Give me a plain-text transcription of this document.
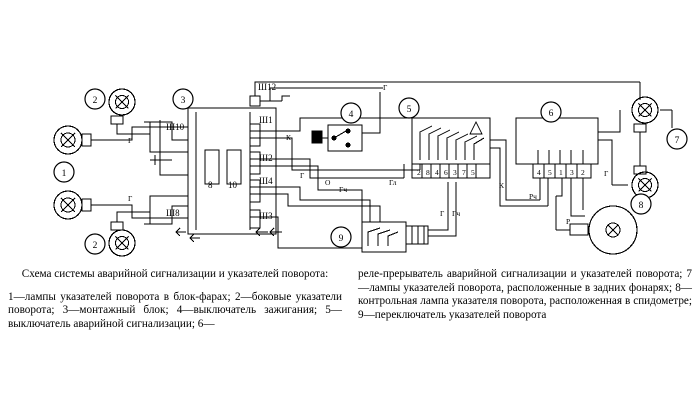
1
2
2
3
4	5	6
7
8
9
Ш12
Ш10
Ш1
Ш2
Ш4
Ш3
Ш8
8 10
К
К
Г
О
Гч
Гл
Г
Г Гч
Рч
Р
Г
Г
Г
2 8 4 6 3 7 5	4 5 1 3 2

Схема системы аварийной сигнализации и указателей поворота:

1—лампы указателей поворота в блок-фарах; 2—боковые указатели поворота; 3—монтажный блок; 4—выключатель зажигания; 5—выключатель аварийной сигнализации; 6—

реле-прерыватель аварийной сигнализации и указателей поворота; 7—лампы указателей поворота, расположенные в задних фонарях; 8—контрольная лампа указателя поворота, расположенная в спидометре; 9—переключатель указателей поворота
